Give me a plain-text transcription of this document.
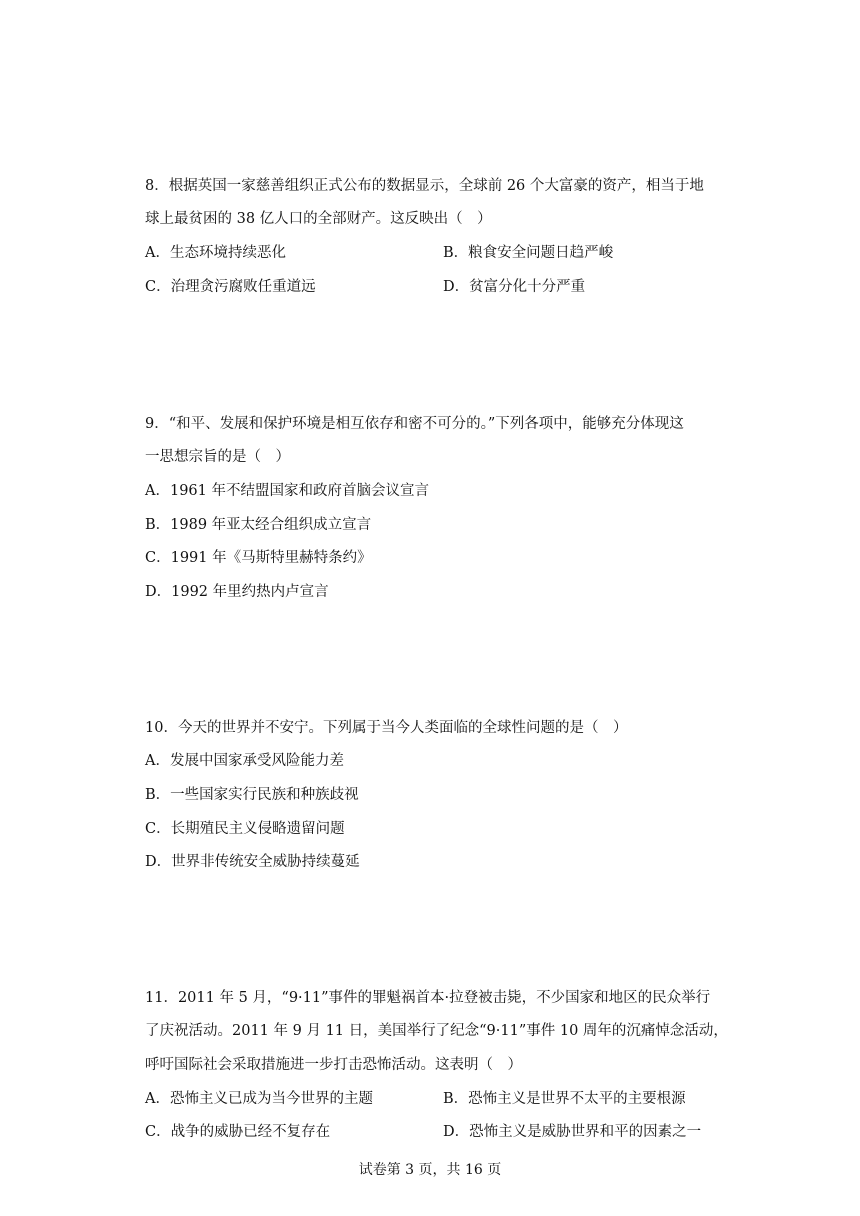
8．根据英国一家慈善组织正式公布的数据显示，全球前 26 个大富豪的资产，相当于地
球上最贫困的 38 亿人口的全部财产。这反映出（　）
A．生态环境持续恶化	B．粮食安全问题日趋严峻
C．治理贪污腐败任重道远	D．贫富分化十分严重
9．“和平、发展和保护环境是相互依存和密不可分的。”下列各项中，能够充分体现这
一思想宗旨的是（　）
A．1961 年不结盟国家和政府首脑会议宣言
B．1989 年亚太经合组织成立宣言
C．1991 年《马斯特里赫特条约》
D．1992 年里约热内卢宣言
10．今天的世界并不安宁。下列属于当今人类面临的全球性问题的是（　）
A．发展中国家承受风险能力差
B．一些国家实行民族和种族歧视
C．长期殖民主义侵略遗留问题
D．世界非传统安全威胁持续蔓延
11．2011 年 5 月，“9·11”事件的罪魁祸首本·拉登被击毙，不少国家和地区的民众举行
了庆祝活动。2011 年 9 月 11 日，美国举行了纪念“9·11”事件 10 周年的沉痛悼念活动，
呼吁国际社会采取措施进一步打击恐怖活动。这表明（　）
A．恐怖主义已成为当今世界的主题	B．恐怖主义是世界不太平的主要根源
C．战争的威胁已经不复存在	D．恐怖主义是威胁世界和平的因素之一
试卷第 3 页，共 16 页
